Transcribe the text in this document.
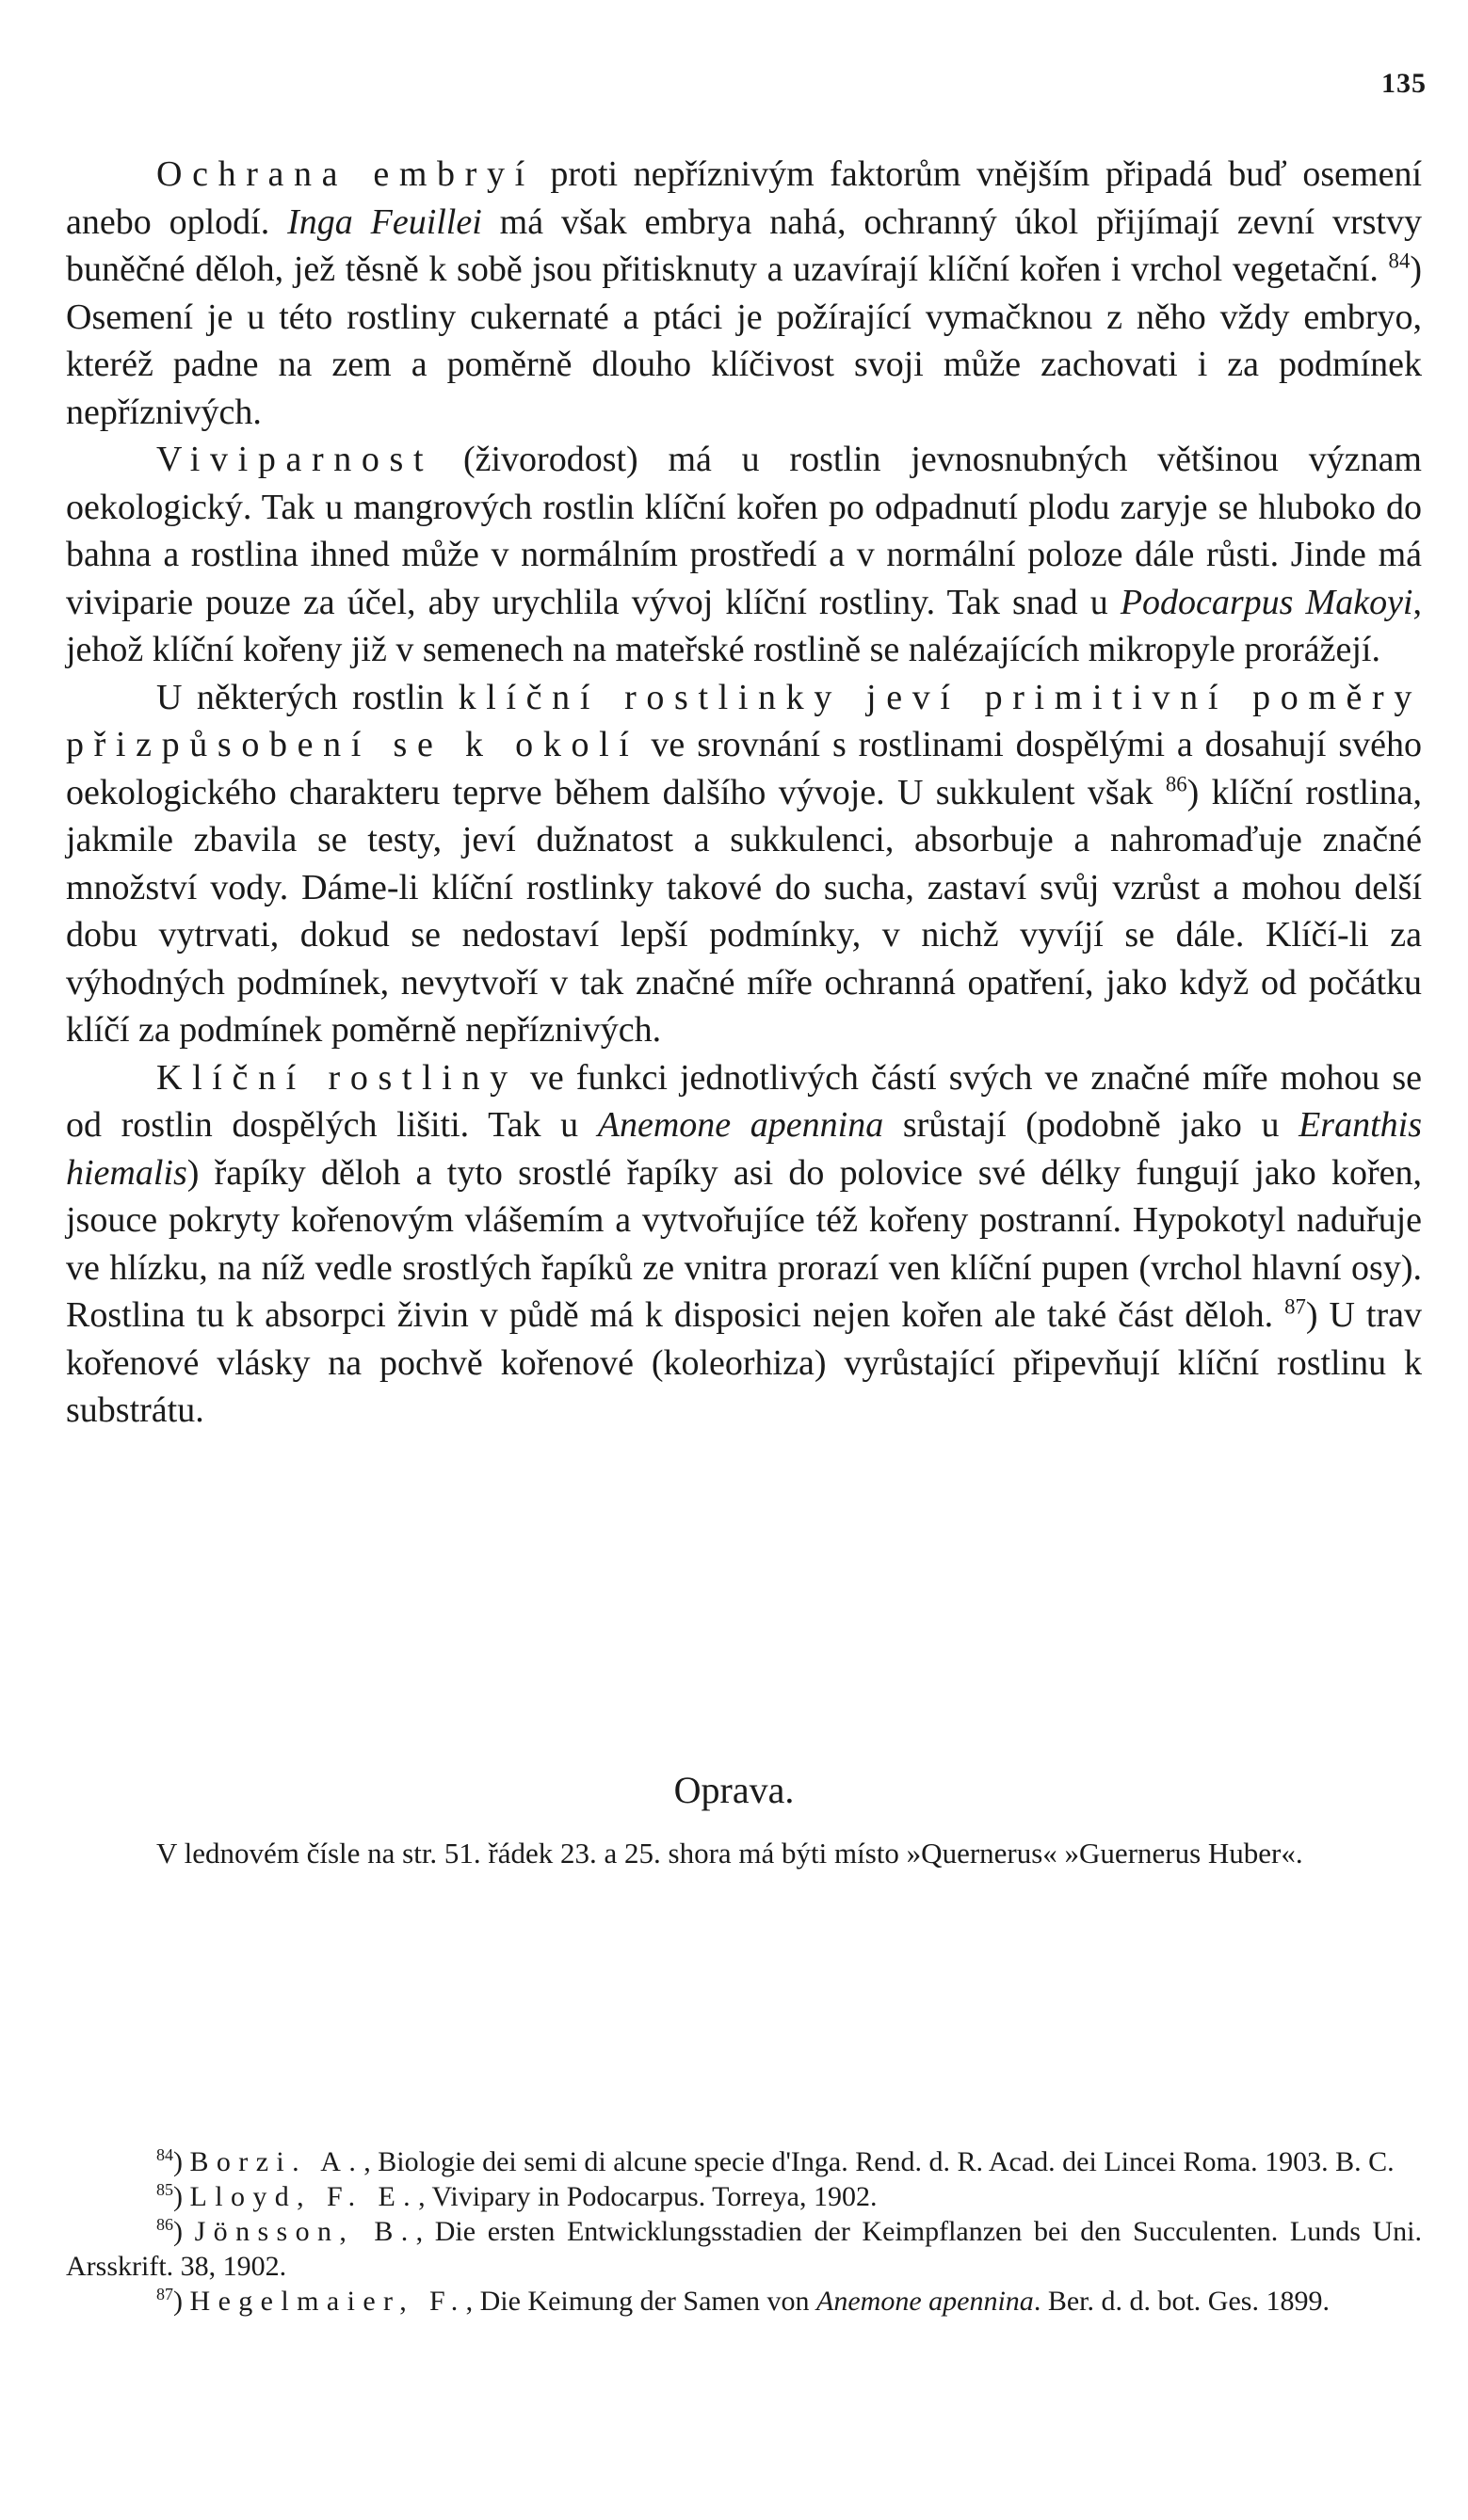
135

Ochrana embryí proti nepříznivým faktorům vnějším připadá buď osemení anebo oplodí. Inga Feuillei má však embrya nahá, ochranný úkol přijímají zevní vrstvy buněčné děloh, jež těsně k sobě jsou přitisknuty a uzavírají klíční kořen i vrchol vegetační. $^{84}$) Osemení je u této rostliny cukernaté a ptáci je požírající vymačknou z něho vždy embryo, kteréž padne na zem a poměrně dlouho klíčivost svoji může zachovati i za podmínek nepříznivých.

Viviparnost (živorodost) má u rostlin jevnosnubných většinou význam oekologický. Tak u mangrových rostlin klíční kořen po odpadnutí plodu zaryje se hluboko do bahna a rostlina ihned může v normálním prostředí a v normální poloze dále růsti. Jinde má viviparie pouze za účel, aby urychlila vývoj klíční rostliny. Tak snad u Podocarpus Makoyi, jehož klíční kořeny již v semenech na mateřské rostlině se nalézajících mikropyle prorážejí.

U některých rostlin klíční rostlinky jeví primitivní poměry přizpůsobení se k okolí ve srovnání s rostlinami dospělými a dosahují svého oekologického charakteru teprve během dalšího vývoje. U sukkulent však $^{86}$) klíční rostlina, jakmile zbavila se testy, jeví dužnatost a sukkulenci, absorbuje a nahromaďuje značné množství vody. Dáme-li klíční rostlinky takové do sucha, zastaví svůj vzrůst a mohou delší dobu vytrvati, dokud se nedostaví lepší podmínky, v nichž vyvíjí se dále. Klíčí-li za výhodných podmínek, nevytvoří v tak značné míře ochranná opatření, jako když od počátku klíčí za podmínek poměrně nepříznivých.

Klíční rostliny ve funkci jednotlivých částí svých ve značné míře mohou se od rostlin dospělých lišiti. Tak u Anemone apennina srůstají (podobně jako u Eranthis hiemalis) řapíky děloh a tyto srostlé řapíky asi do polovice své délky fungují jako kořen, jsouce pokryty kořenovým vlášemím a vytvořujíce též kořeny postranní. Hypokotyl naduřuje ve hlízku, na níž vedle srostlých řapíků ze vnitra prorazí ven klíční pupen (vrchol hlavní osy). Rostlina tu k absorpci živin v půdě má k disposici nejen kořen ale také část děloh. $^{87}$) U trav kořenové vlásky na pochvě kořenové (koleorhiza) vyrůstající připevňují klíční rostlinu k substrátu.

Oprava.

V lednovém čísle na str. 51. řádek 23. a 25. shora má býti místo »Quernerus« »Guernerus Huber«.

$^{84}$) Borzi. A., Biologie dei semi di alcune specie d'Inga. Rend. d. R. Acad. dei Lincei Roma. 1903. B. C.

$^{85}$) Lloyd, F. E., Vivipary in Podocarpus. Torreya, 1902.

$^{86}$) Jönsson, B., Die ersten Entwicklungsstadien der Keimpflanzen bei den Succulenten. Lunds Uni. Arsskrift. 38, 1902.

$^{87}$) Hegelmaier, F., Die Keimung der Samen von Anemone apennina. Ber. d. d. bot. Ges. 1899.
